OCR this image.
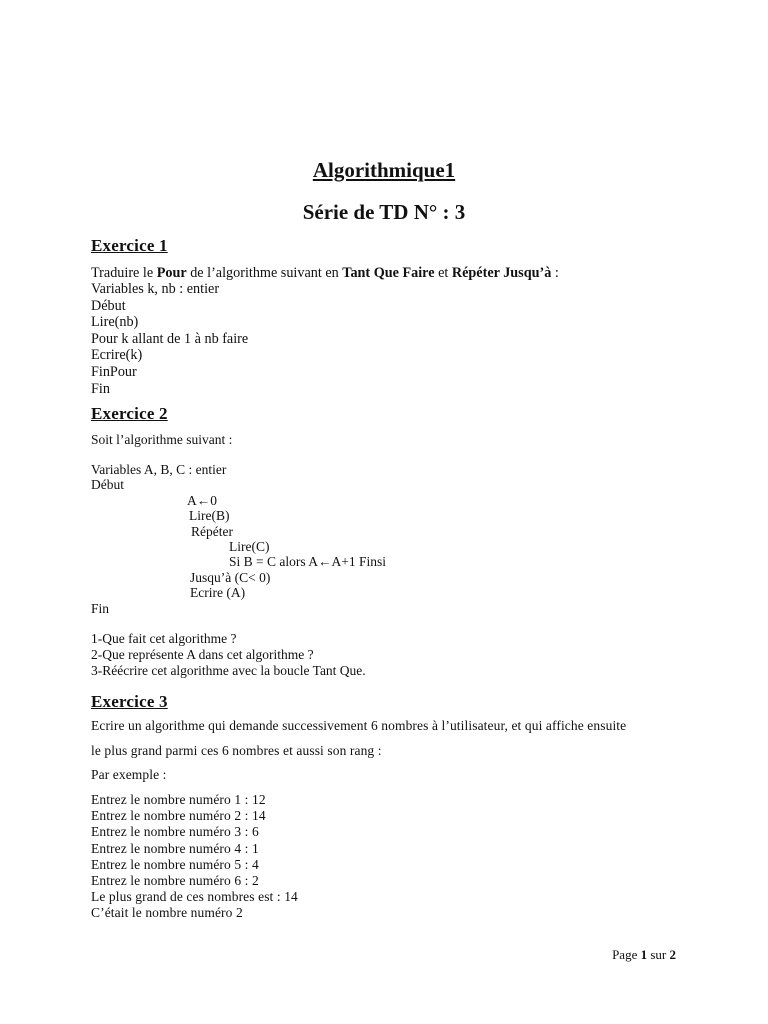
Algorithmique1
Série de TD N° : 3
Exercice 1
Traduire le Pour de l’algorithme suivant en Tant Que Faire et Répéter Jusqu’à :
Variables k, nb : entier
Début
Lire(nb)
Pour k allant de 1 à nb faire
Ecrire(k)
FinPour
Fin
Exercice 2
Soit l’algorithme suivant :
Variables A, B, C : entier
Début
A←0
Lire(B)
Répéter
Lire(C)
Si B = C alors A←A+1 Finsi
Jusqu’à (C< 0)
Ecrire (A)
Fin
1-Que fait cet algorithme ?
2-Que représente A dans cet algorithme ?
3-Réécrire cet algorithme avec la boucle Tant Que.
Exercice 3
Ecrire un algorithme qui demande successivement 6 nombres à l’utilisateur, et qui affiche ensuite
le plus grand parmi ces 6 nombres et aussi son rang :
Par exemple :
Entrez le nombre numéro 1 : 12
Entrez le nombre numéro 2 : 14
Entrez le nombre numéro 3 : 6
Entrez le nombre numéro 4 : 1
Entrez le nombre numéro 5 : 4
Entrez le nombre numéro 6 : 2
Le plus grand de ces nombres est : 14
C’était le nombre numéro 2
Page 1 sur 2
